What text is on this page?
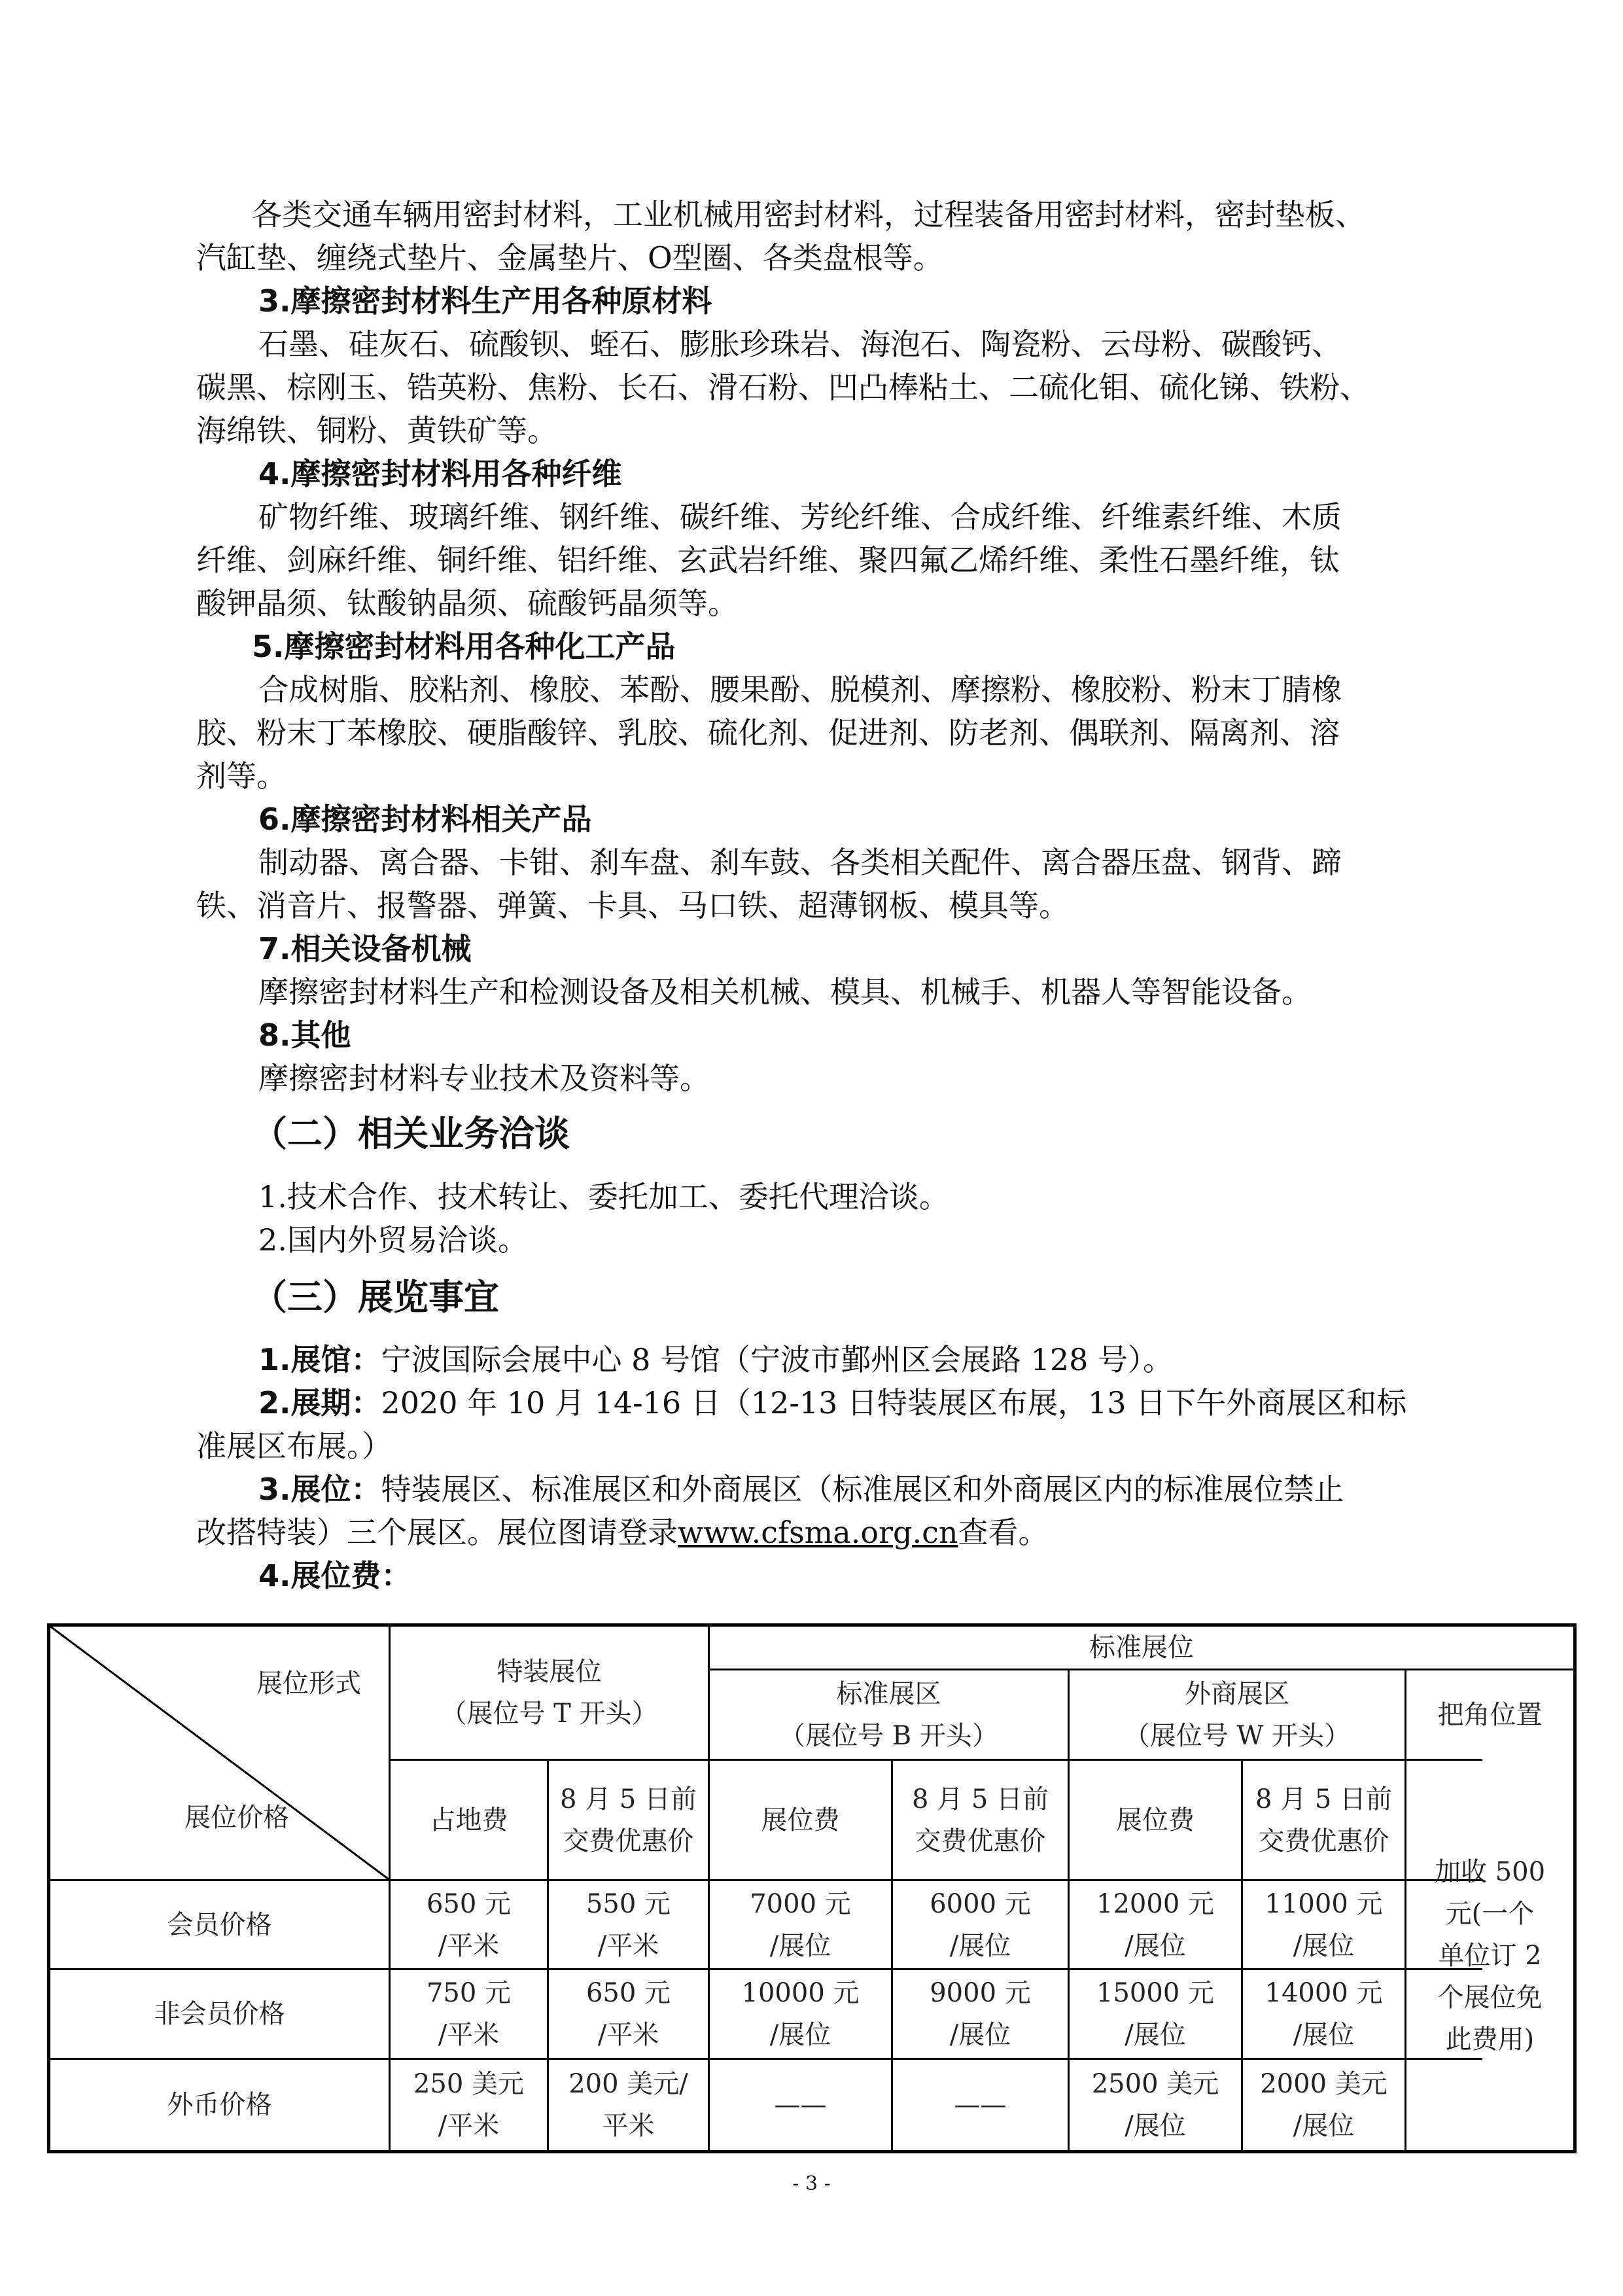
各类交通车辆用密封材料，工业机械用密封材料，过程装备用密封材料，密封垫板、
汽缸垫、缠绕式垫片、金属垫片、O型圈、各类盘根等。
3.摩擦密封材料生产用各种原材料
石墨、硅灰石、硫酸钡、蛭石、膨胀珍珠岩、海泡石、陶瓷粉、云母粉、碳酸钙、
碳黑、棕刚玉、锆英粉、焦粉、长石、滑石粉、凹凸棒粘土、二硫化钼、硫化锑、铁粉、
海绵铁、铜粉、黄铁矿等。
4.摩擦密封材料用各种纤维
矿物纤维、玻璃纤维、钢纤维、碳纤维、芳纶纤维、合成纤维、纤维素纤维、木质
纤维、剑麻纤维、铜纤维、铝纤维、玄武岩纤维、聚四氟乙烯纤维、柔性石墨纤维，钛
酸钾晶须、钛酸钠晶须、硫酸钙晶须等。
5.摩擦密封材料用各种化工产品
合成树脂、胶粘剂、橡胶、苯酚、腰果酚、脱模剂、摩擦粉、橡胶粉、粉末丁腈橡
胶、粉末丁苯橡胶、硬脂酸锌、乳胶、硫化剂、促进剂、防老剂、偶联剂、隔离剂、溶
剂等。
6.摩擦密封材料相关产品
制动器、离合器、卡钳、刹车盘、刹车鼓、各类相关配件、离合器压盘、钢背、蹄
铁、消音片、报警器、弹簧、卡具、马口铁、超薄钢板、模具等。
7.相关设备机械
摩擦密封材料生产和检测设备及相关机械、模具、机械手、机器人等智能设备。
8.其他
摩擦密封材料专业技术及资料等。
（二）相关业务洽谈
1.技术合作、技术转让、委托加工、委托代理洽谈。
2.国内外贸易洽谈。
（三）展览事宜
1.展馆：宁波国际会展中心 8 号馆（宁波市鄞州区会展路 128 号）。
2.展期：2020 年 10 月 14-16 日（12-13 日特装展区布展，13 日下午外商展区和标
准展区布展。）
3.展位：特装展区、标准展区和外商展区（标准展区和外商展区内的标准展位禁止
改搭特装）三个展区。展位图请登录www.cfsma.org.cn查看。
4.展位费：
展位形式
展位价格
特装展位
（展位号 T 开头）
标准展位
标准展区
（展位号 B 开头）
外商展区
（展位号 W 开头）
把角位置
占地费
8 月 5 日前
交费优惠价
展位费
8 月 5 日前
交费优惠价
展位费
8 月 5 日前
交费优惠价
加收 500
元(一个
单位订 2
个展位免
此费用)
会员价格
650 元
/平米
550 元
/平米
7000 元
/展位
6000 元
/展位
12000 元
/展位
11000 元
/展位
非会员价格
750 元
/平米
650 元
/平米
10000 元
/展位
9000 元
/展位
15000 元
/展位
14000 元
/展位
外币价格
250 美元
/平米
200 美元/
平米
——	——
2500 美元
/展位
2000 美元
/展位
- 3 -
